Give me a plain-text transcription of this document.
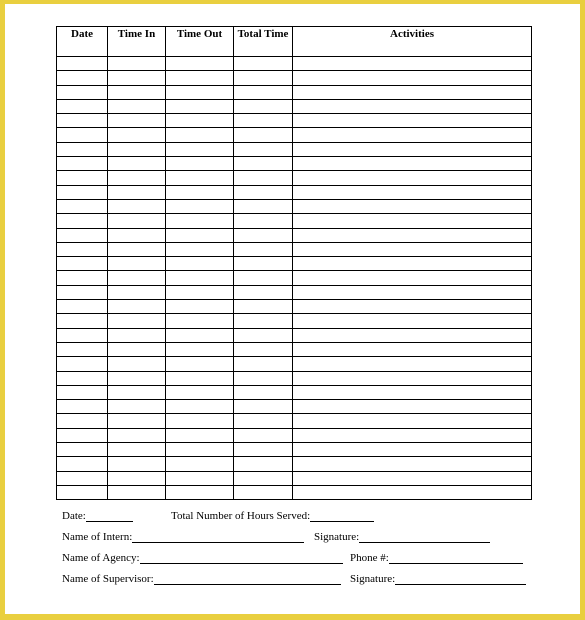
Date	Time In	Time Out	Total Time	Activities

Date:	Total Number of Hours Served:
Name of Intern:	Signature:
Name of Agency:	Phone #:
Name of Supervisor:	Signature:
